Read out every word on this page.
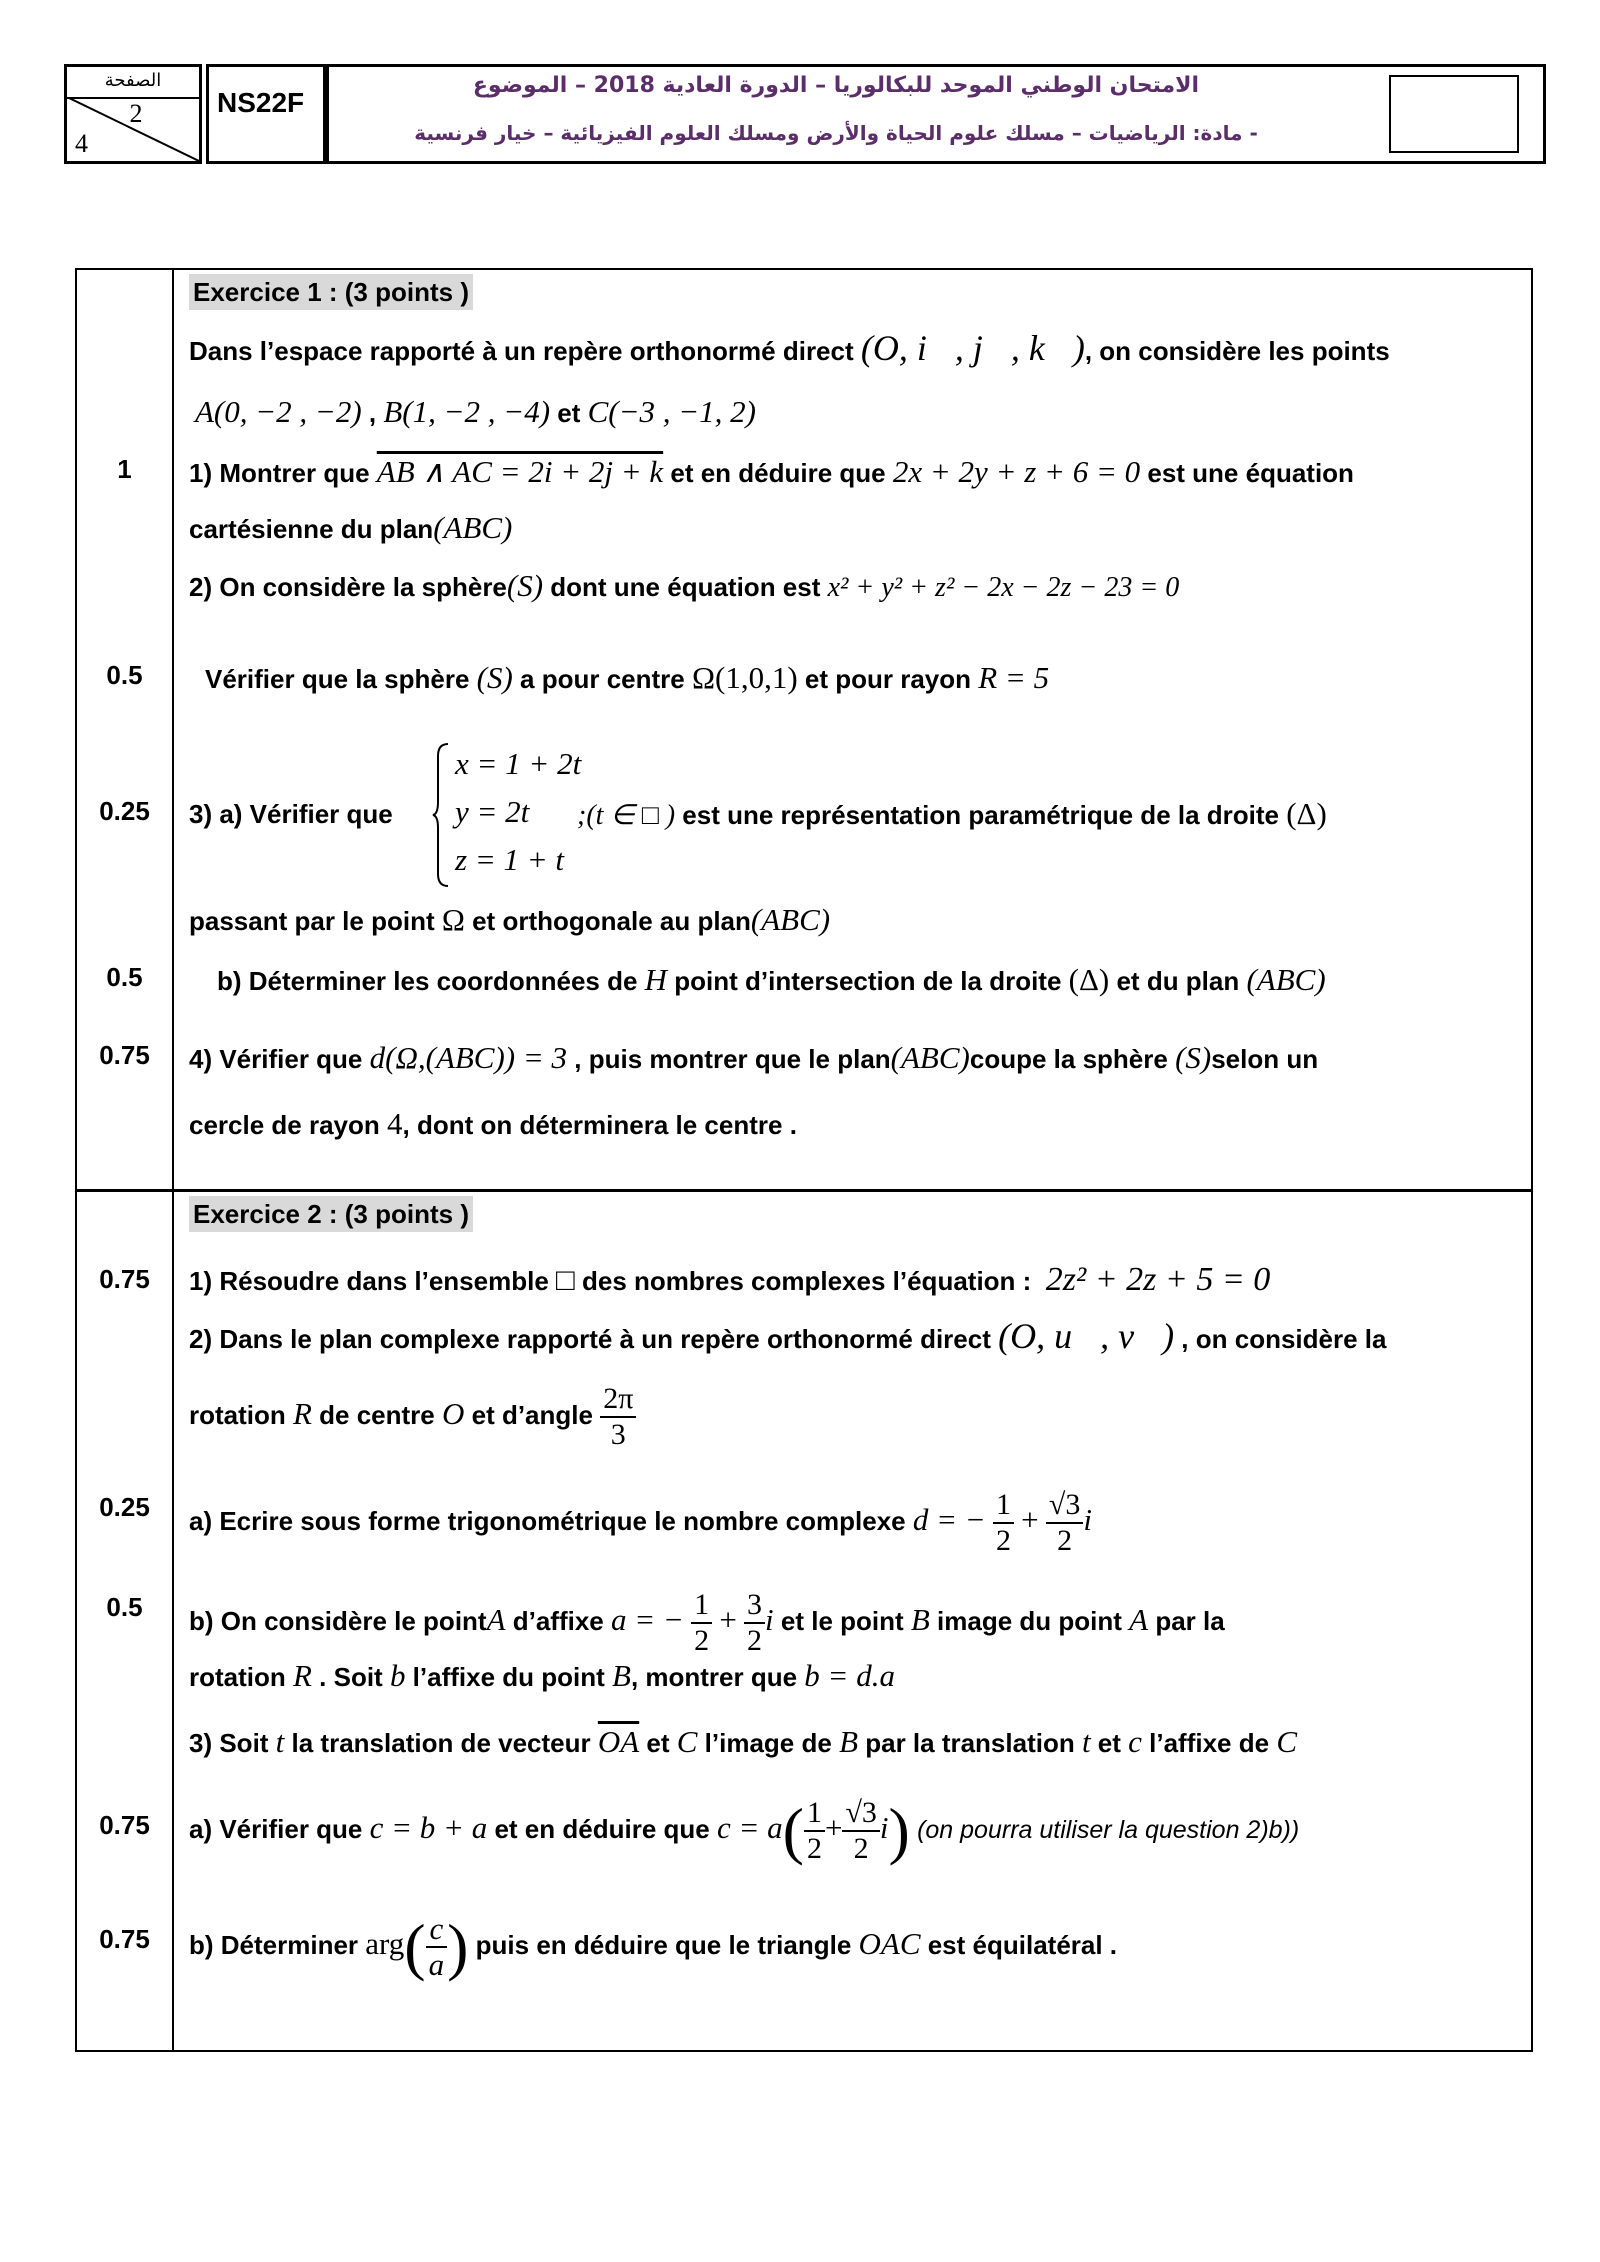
الصفحة
2
4
NS22F
الامتحان الوطني الموحد للبكالوريا – الدورة العادية 2018 – الموضوع
- مادة: الرياضيات – مسلك علوم الحياة والأرض ومسلك العلوم الفيزيائية – خيار فرنسية
1
0.5
0.25
0.5
0.75
Exercice 1 : (3 points )
Dans l’espace rapporté à un repère orthonormé direct (O, i⃗, j⃗, k⃗), on considère les points
A(0, −2 , −2) , B(1, −2 , −4) et C(−3 , −1, 2)
1) Montrer que AB ∧ AC = 2i + 2j + k et en déduire que 2x + 2y + z + 6 = 0 est une équation
cartésienne du plan(ABC)
2) On considère la sphère(S) dont une équation est x² + y² + z² − 2x − 2z − 23 = 0
Vérifier que la sphère (S) a pour centre Ω(1,0,1) et pour rayon R = 5
x = 1 + 2t
y = 2t
z = 1 + t
3) a) Vérifier que	;(t ∈ □ ) est une représentation paramétrique de la droite (Δ)
passant par le point Ω et orthogonale au plan(ABC)
b) Déterminer les coordonnées de H point d’intersection de la droite (Δ) et du plan (ABC)
4) Vérifier que d(Ω,(ABC)) = 3 , puis montrer que le plan(ABC)coupe la sphère (S)selon un
cercle de rayon 4, dont on déterminera le centre .
0.75
0.25
0.5
0.75
0.75
Exercice 2 : (3 points )
1) Résoudre dans l’ensemble □ des nombres complexes l’équation :  2z² + 2z + 5 = 0
2) Dans le plan complexe rapporté à un repère orthonormé direct (O, u⃗, v⃗) , on considère la
rotation R de centre O et d’angle $\frac{2\pi}{3}$
a) Ecrire sous forme trigonométrique le nombre complexe d = − $\frac{1}{2} + \frac{√3}{2}$ i
b) On considère le pointA d’affixe a = − $\frac{1}{2} + \frac{3}{2}$ i et le point B image du point A par la
rotation R . Soit b l’affixe du point B, montrer que b = d.a
3) Soit t la translation de vecteur $\overline{OA}$ et C l’image de B par la translation t et c l’affixe de C
a) Vérifier que c = b + a et en déduire que $c = a( \frac{1}{2} + \frac{√3}{2} i)$ (on pourra utiliser la question 2)b))
b) Déterminer $arg( \frac{c}{a}$ ) puis en déduire que le triangle OAC est équilatéral .
